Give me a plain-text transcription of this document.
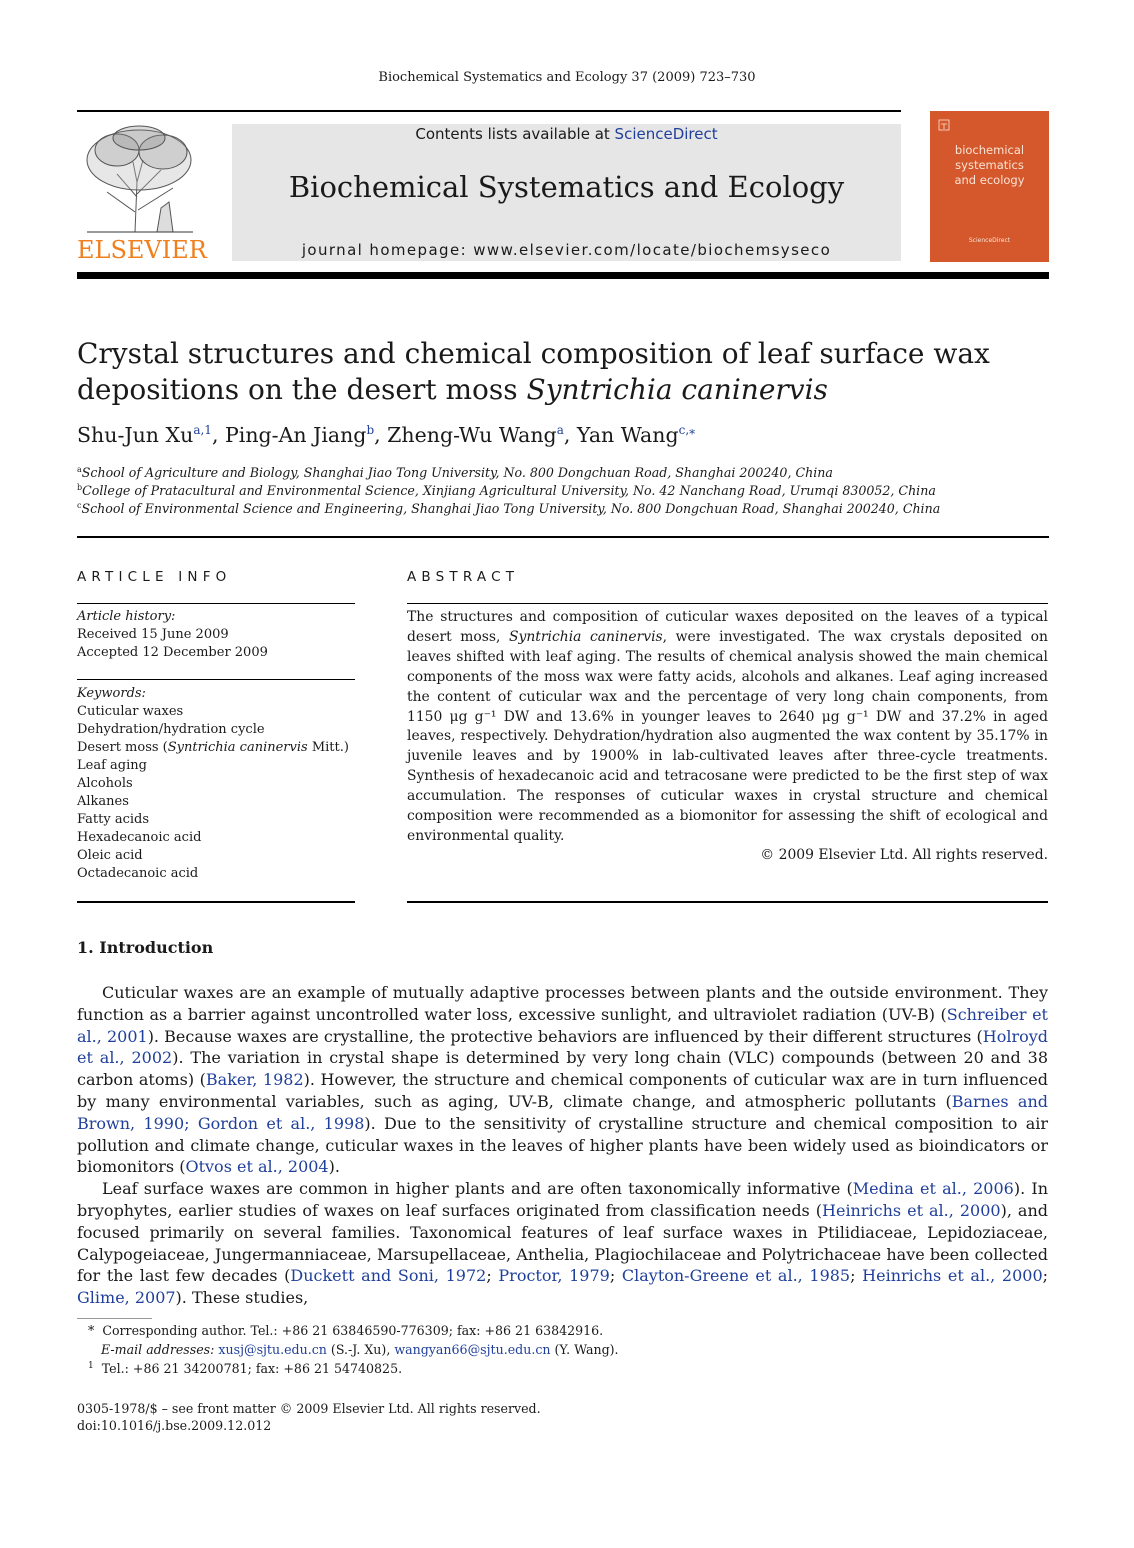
Biochemical Systematics and Ecology 37 (2009) 723–730
ELSEVIER
Contents lists available at ScienceDirect
Biochemical Systematics and Ecology
journal homepage: www.elsevier.com/locate/biochemsyseco
biochemical
systematics
and ecology
ScienceDirect
Crystal structures and chemical composition of leaf surface wax
depositions on the desert moss Syntrichia caninervis
Shu-Jun Xu$^{a,1}$, Ping-An Jiang$^b$, Zheng-Wu Wang$^a$, Yan Wang$^{c,⁎}$
$^a$School of Agriculture and Biology, Shanghai Jiao Tong University, No. 800 Dongchuan Road, Shanghai 200240, China
$^b$College of Pratacultural and Environmental Science, Xinjiang Agricultural University, No. 42 Nanchang Road, Urumqi 830052, China
$^c$School of Environmental Science and Engineering, Shanghai Jiao Tong University, No. 800 Dongchuan Road, Shanghai 200240, China
ARTICLE INFO
Article history:
Received 15 June 2009
Accepted 12 December 2009
Keywords:
Cuticular waxes
Dehydration/hydration cycle
Desert moss (Syntrichia caninervis Mitt.)
Leaf aging
Alcohols
Alkanes
Fatty acids
Hexadecanoic acid
Oleic acid
Octadecanoic acid
ABSTRACT
The structures and composition of cuticular waxes deposited on the leaves of a typical desert moss, Syntrichia caninervis, were investigated. The wax crystals deposited on leaves shifted with leaf aging. The results of chemical analysis showed the main chemical components of the moss wax were fatty acids, alcohols and alkanes. Leaf aging increased the content of cuticular wax and the percentage of very long chain components, from 1150 μg g⁻¹ DW and 13.6% in younger leaves to 2640 μg g⁻¹ DW and 37.2% in aged leaves, respectively. Dehydration/hydration also augmented the wax content by 35.17% in juvenile leaves and by 1900% in lab-cultivated leaves after three-cycle treatments. Synthesis of hexadecanoic acid and tetracosane were predicted to be the first step of wax accumulation. The responses of cuticular waxes in crystal structure and chemical composition were recommended as a biomonitor for assessing the shift of ecological and environmental quality.
© 2009 Elsevier Ltd. All rights reserved.
1. Introduction

Cuticular waxes are an example of mutually adaptive processes between plants and the outside environment. They function as a barrier against uncontrolled water loss, excessive sunlight, and ultraviolet radiation (UV-B) (Schreiber et al., 2001). Because waxes are crystalline, the protective behaviors are influenced by their different structures (Holroyd et al., 2002). The variation in crystal shape is determined by very long chain (VLC) compounds (between 20 and 38 carbon atoms) (Baker, 1982). However, the structure and chemical components of cuticular wax are in turn influenced by many environmental variables, such as aging, UV-B, climate change, and atmospheric pollutants (Barnes and Brown, 1990; Gordon et al., 1998). Due to the sensitivity of crystalline structure and chemical composition to air pollution and climate change, cuticular waxes in the leaves of higher plants have been widely used as bioindicators or biomonitors (Otvos et al., 2004).

Leaf surface waxes are common in higher plants and are often taxonomically informative (Medina et al., 2006). In bryophytes, earlier studies of waxes on leaf surfaces originated from classification needs (Heinrichs et al., 2000), and focused primarily on several families. Taxonomical features of leaf surface waxes in Ptilidiaceae, Lepidoziaceae, Calypogeiaceae, Jungermanniaceae, Marsupellaceae, Anthelia, Plagiochilaceae and Polytrichaceae have been collected for the last few decades (Duckett and Soni, 1972; Proctor, 1979; Clayton-Greene et al., 1985; Heinrichs et al., 2000; Glime, 2007). These studies,

*  Corresponding author. Tel.: +86 21 63846590-776309; fax: +86 21 63842916.
E-mail addresses: xusj@sjtu.edu.cn (S.-J. Xu), wangyan66@sjtu.edu.cn (Y. Wang).
$^1$ Tel.: +86 21 34200781; fax: +86 21 54740825.
0305-1978/$ – see front matter © 2009 Elsevier Ltd. All rights reserved.
doi:10.1016/j.bse.2009.12.012
